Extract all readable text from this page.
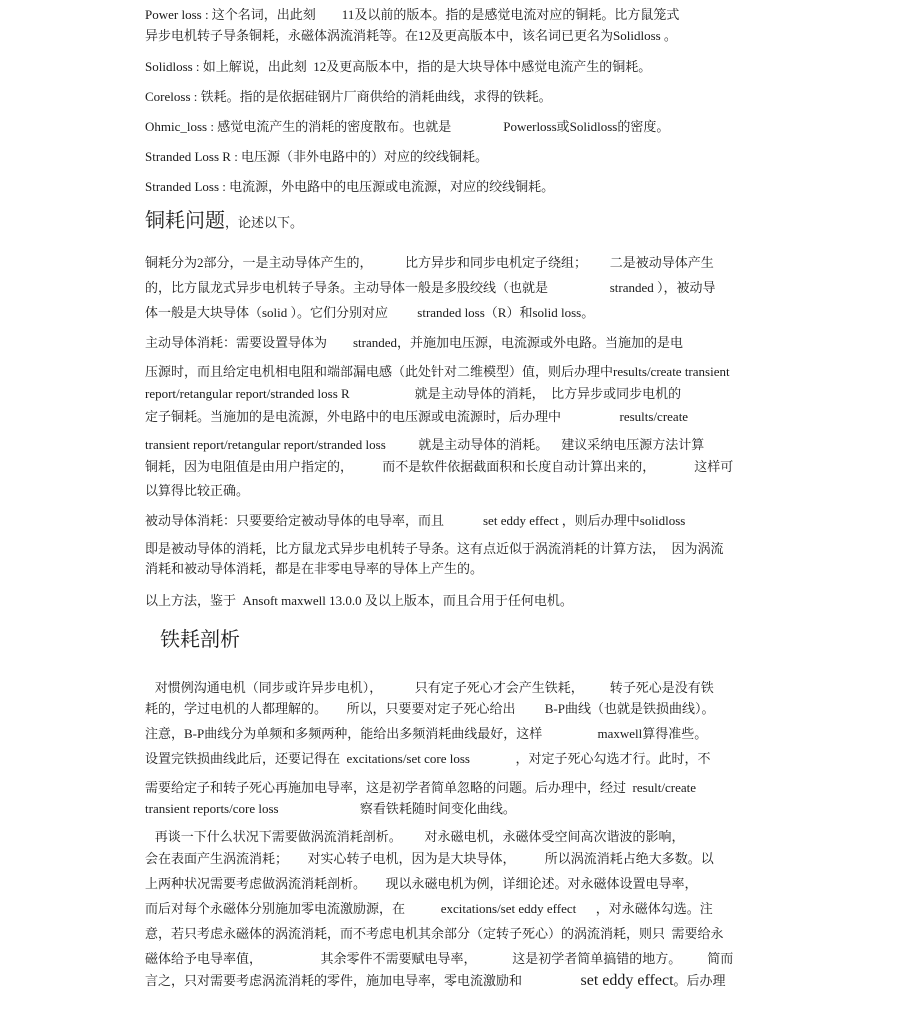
Power loss : 这个名词，出此刻        11及以前的版本。指的是感觉电流对应的铜耗。比方鼠笼式
异步电机转子导条铜耗，永磁体涡流消耗等。在12及更高版本中，该名词已更名为Solidloss 。
Solidloss : 如上解说，出此刻  12及更高版本中，指的是大块导体中感觉电流产生的铜耗。
Coreloss : 铁耗。指的是依据硅钢片厂商供给的消耗曲线，求得的铁耗。
Ohmic_loss : 感觉电流产生的消耗的密度散布。也就是                Powerloss或Solidloss的密度。
Stranded Loss R : 电压源（非外电路中的）对应的绞线铜耗。
Stranded Loss : 电流源，外电路中的电压源或电流源，对应的绞线铜耗。
铜耗问题，论述以下。
铜耗分为2部分，一是主动导体产生的，          比方异步和同步电机定子绕组；       二是被动导体产生
的，比方鼠龙式异步电机转子导条。主动导体一般是多股绞线（也就是                   stranded ），被动导
体一般是大块导体（solid ）。它们分别对应         stranded loss（R）和solid loss。
主动导体消耗：需要设置导体为        stranded，并施加电压源，电流源或外电路。当施加的是电
压源时，而且给定电机相电阻和端部漏电感（此处针对二维模型）值，则后办理中results/create transient
report/retangular report/stranded loss R                    就是主动导体的消耗，  比方异步或同步电机的
定子铜耗。当施加的是电流源，外电路中的电压源或电流源时，后办理中                  results/create
transient report/retangular report/stranded loss          就是主动导体的消耗。    建议采纳电压源方法计算
铜耗，因为电阻值是由用户指定的，         而不是软件依据截面积和长度自动计算出来的，            这样可
以算得比较正确。
被动导体消耗：只要要给定被动导体的电导率，而且            set eddy effect ，则后办理中solidloss
即是被动导体的消耗，比方鼠龙式异步电机转子导条。这有点近似于涡流消耗的计算方法，  因为涡流
消耗和被动导体消耗，都是在非零电导率的导体上产生的。
以上方法，鉴于  Ansoft maxwell 13.0.0 及以上版本，而且合用于任何电机。
铁耗剖析
对惯例沟通电机（同步或许异步电机），          只有定子死心才会产生铁耗，        转子死心是没有铁
耗的，学过电机的人都理解的。      所以，只要要对定子死心给出         B-P曲线（也就是铁损曲线）。
注意，B-P曲线分为单频和多频两种，能给出多频消耗曲线最好，这样                 maxwell算得准些。
设置完铁损曲线此后，还要记得在  excitations/set core loss              ，对定子死心勾选才行。此时，不
需要给定子和转子死心再施加电导率，这是初学者简单忽略的问题。后办理中，经过  result/create
transient reports/core loss                         察看铁耗随时间变化曲线。
再谈一下什么状况下需要做涡流消耗剖析。       对永磁电机，永磁体受空间高次谐波的影响，
会在表面产生涡流消耗；      对实心转子电机，因为是大块导体，         所以涡流消耗占绝大多数。以
上两种状况需要考虑做涡流消耗剖析。      现以永磁电机为例，详细论述。对永磁体设置电导率，
而后对每个永磁体分别施加零电流激励源，在           excitations/set eddy effect      ，对永磁体勾选。注
意，若只考虑永磁体的涡流消耗，而不考虑电机其余部分（定转子死心）的涡流消耗，则只  需要给永
磁体给予电导率值，                  其余零件不需要赋电导率，           这是初学者简单搞错的地方。        简而
言之，只对需要考虑涡流消耗的零件，施加电导率，零电流激励和                  set eddy effect。后办理
